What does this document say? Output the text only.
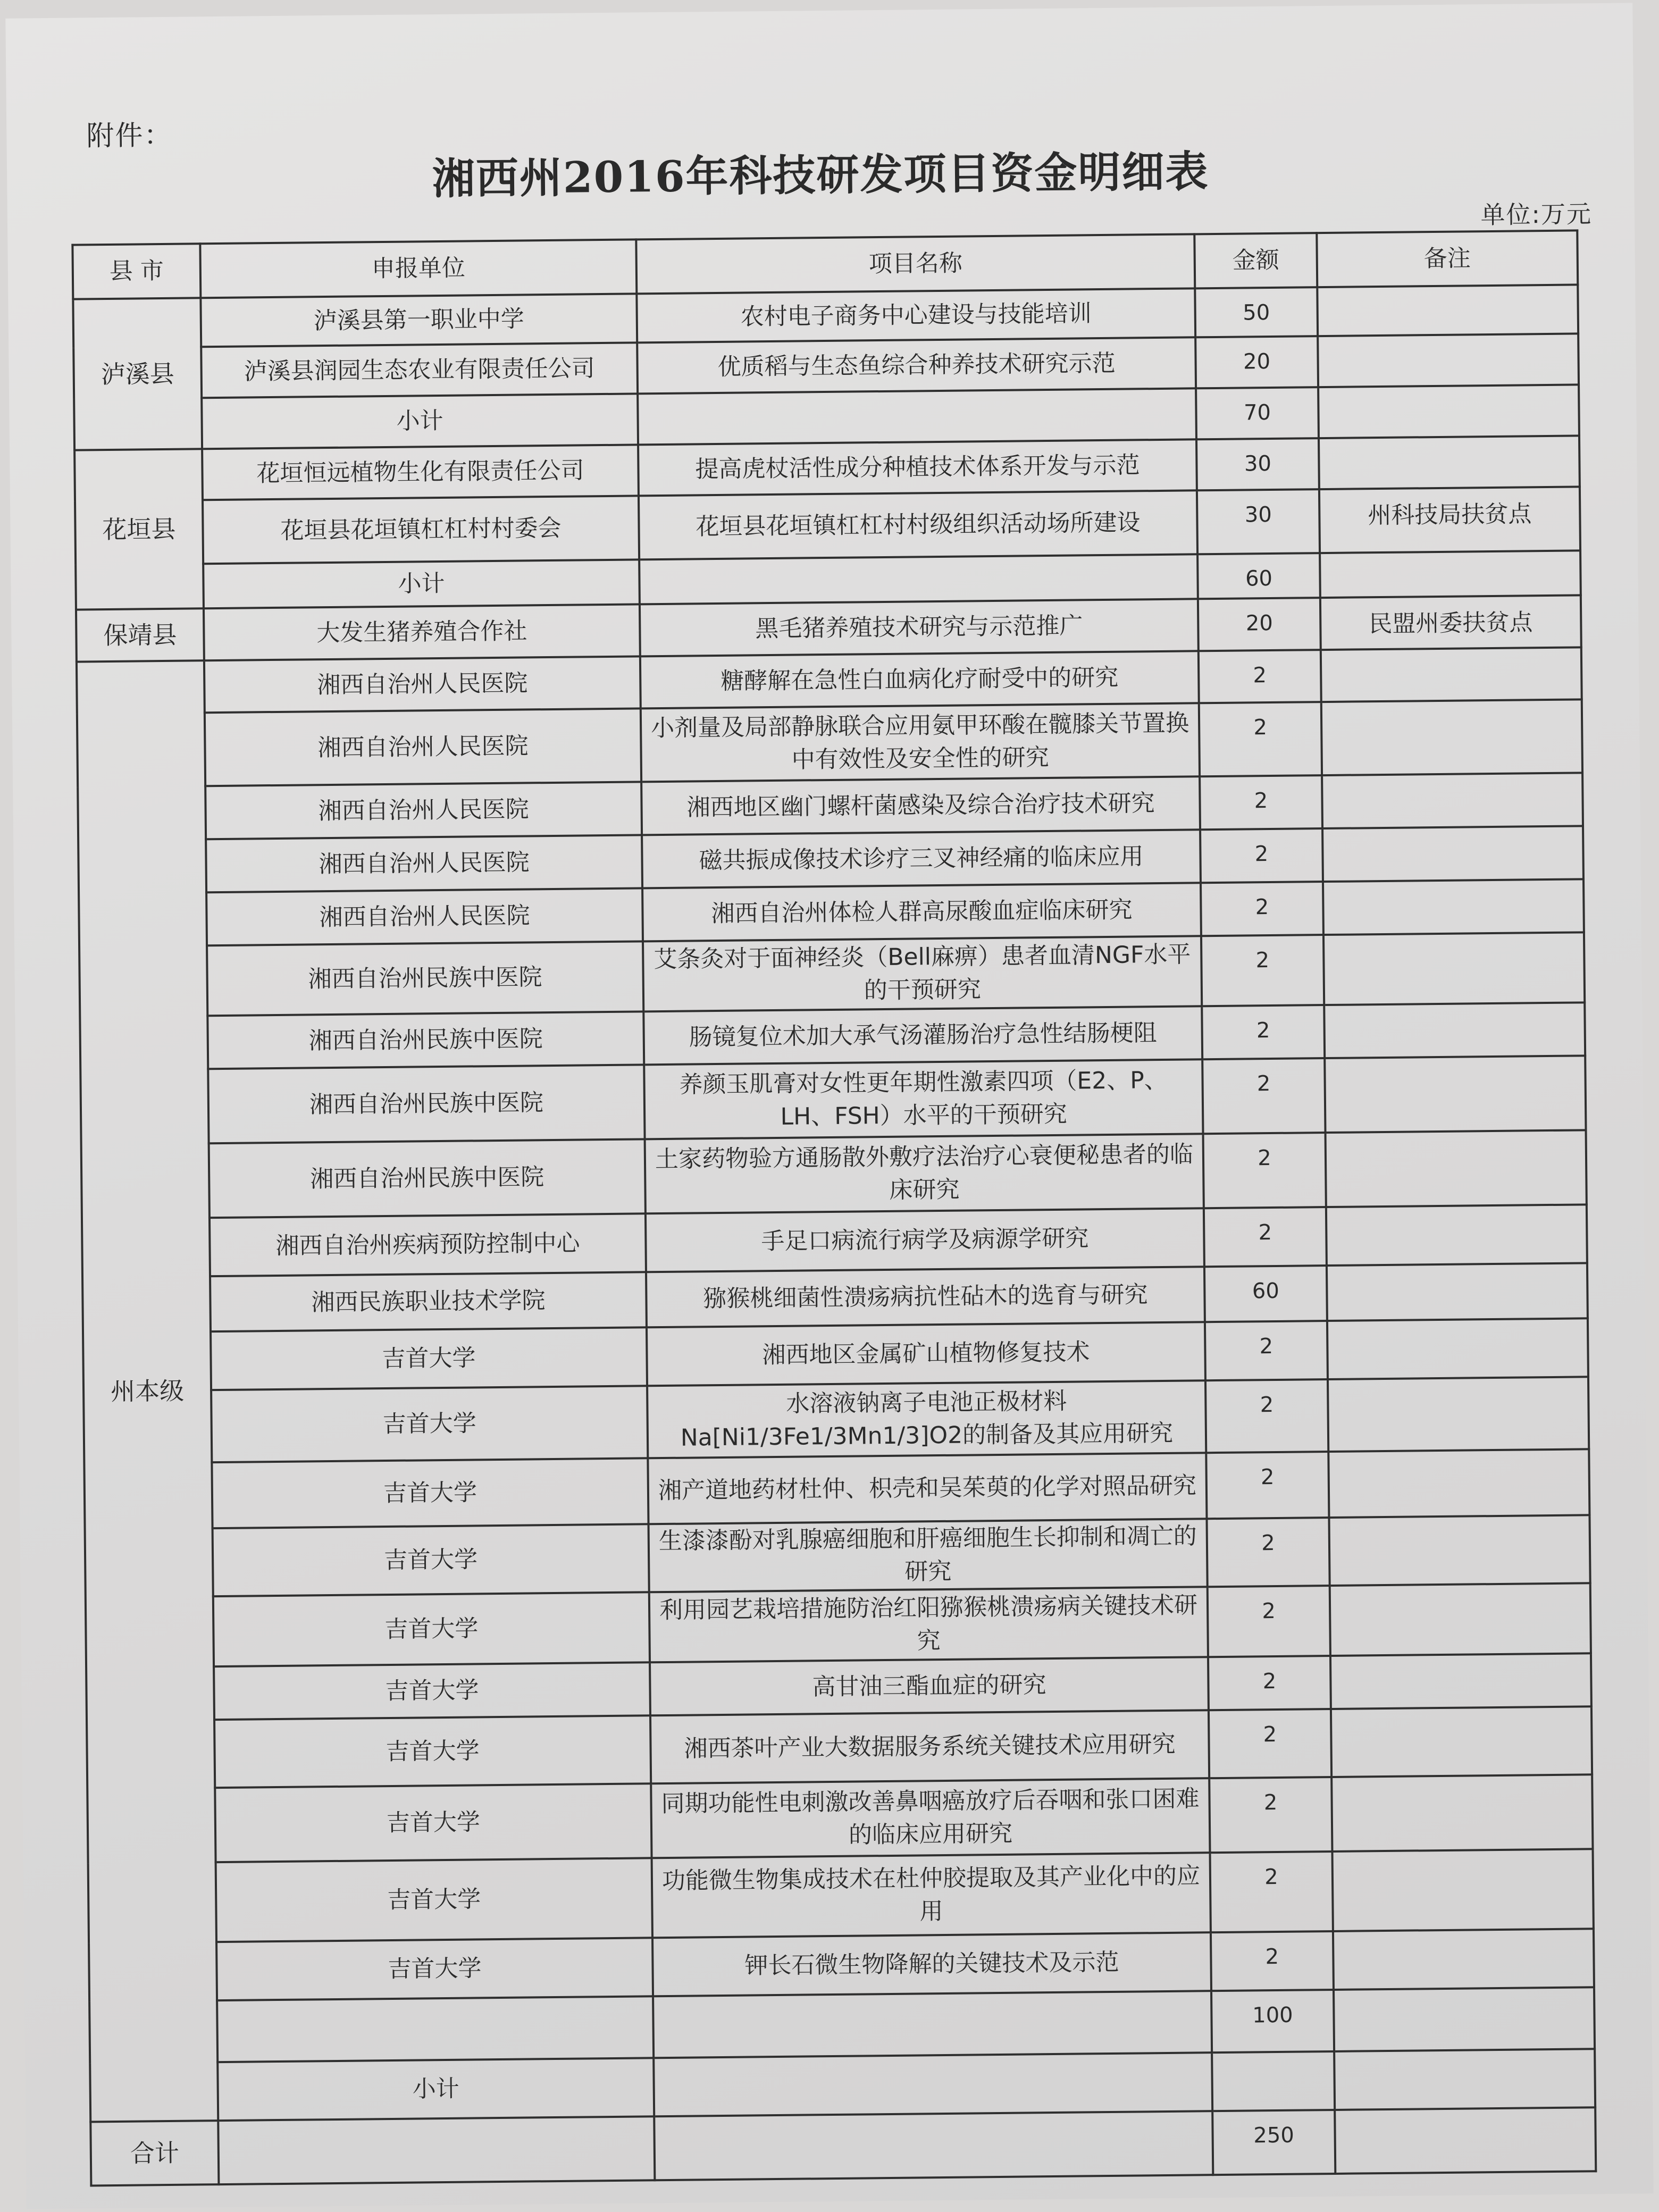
附件：
湘西州2016年科技研发项目资金明细表
单位:万元
县 市	申报单位	项目名称	金额	备注
泸溪县	泸溪县第一职业中学	农村电子商务中心建设与技能培训	50	
	泸溪县润园生态农业有限责任公司	优质稻与生态鱼综合种养技术研究示范	20	
	小计		70	
花垣县	花垣恒远植物生化有限责任公司	提高虎杖活性成分种植技术体系开发与示范	30	
	花垣县花垣镇杠杠村村委会	花垣县花垣镇杠杠村村级组织活动场所建设	30	州科技局扶贫点
	小计		60	
保靖县	大发生猪养殖合作社	黑毛猪养殖技术研究与示范推广	20	民盟州委扶贫点
州本级	湘西自治州人民医院	糖酵解在急性白血病化疗耐受中的研究	2	
	湘西自治州人民医院	小剂量及局部静脉联合应用氨甲环酸在髋膝关节置换中有效性及安全性的研究	2	
	湘西自治州人民医院	湘西地区幽门螺杆菌感染及综合治疗技术研究	2	
	湘西自治州人民医院	磁共振成像技术诊疗三叉神经痛的临床应用	2	
	湘西自治州人民医院	湘西自治州体检人群高尿酸血症临床研究	2	
	湘西自治州民族中医院	艾条灸对于面神经炎（Bell麻痹）患者血清NGF水平的干预研究	2	
	湘西自治州民族中医院	肠镜复位术加大承气汤灌肠治疗急性结肠梗阻	2	
	湘西自治州民族中医院	养颜玉肌膏对女性更年期性激素四项（E2、P、LH、FSH）水平的干预研究	2	
	湘西自治州民族中医院	土家药物验方通肠散外敷疗法治疗心衰便秘患者的临床研究	2	
	湘西自治州疾病预防控制中心	手足口病流行病学及病源学研究	2	
	湘西民族职业技术学院	猕猴桃细菌性溃疡病抗性砧木的选育与研究	60	
	吉首大学	湘西地区金属矿山植物修复技术	2	
	吉首大学	水溶液钠离子电池正极材料Na[Ni1/3Fe1/3Mn1/3]O2的制备及其应用研究	2	
	吉首大学	湘产道地药材杜仲、枳壳和吴茱萸的化学对照品研究	2	
	吉首大学	生漆漆酚对乳腺癌细胞和肝癌细胞生长抑制和凋亡的研究	2	
	吉首大学	利用园艺栽培措施防治红阳猕猴桃溃疡病关键技术研究	2	
	吉首大学	高甘油三酯血症的研究	2	
	吉首大学	湘西茶叶产业大数据服务系统关键技术应用研究	2	
	吉首大学	同期功能性电刺激改善鼻咽癌放疗后吞咽和张口困难的临床应用研究	2	
	吉首大学	功能微生物集成技术在杜仲胶提取及其产业化中的应用	2	
	吉首大学	钾长石微生物降解的关键技术及示范	2	
			100	
	小计			
合计			250	
